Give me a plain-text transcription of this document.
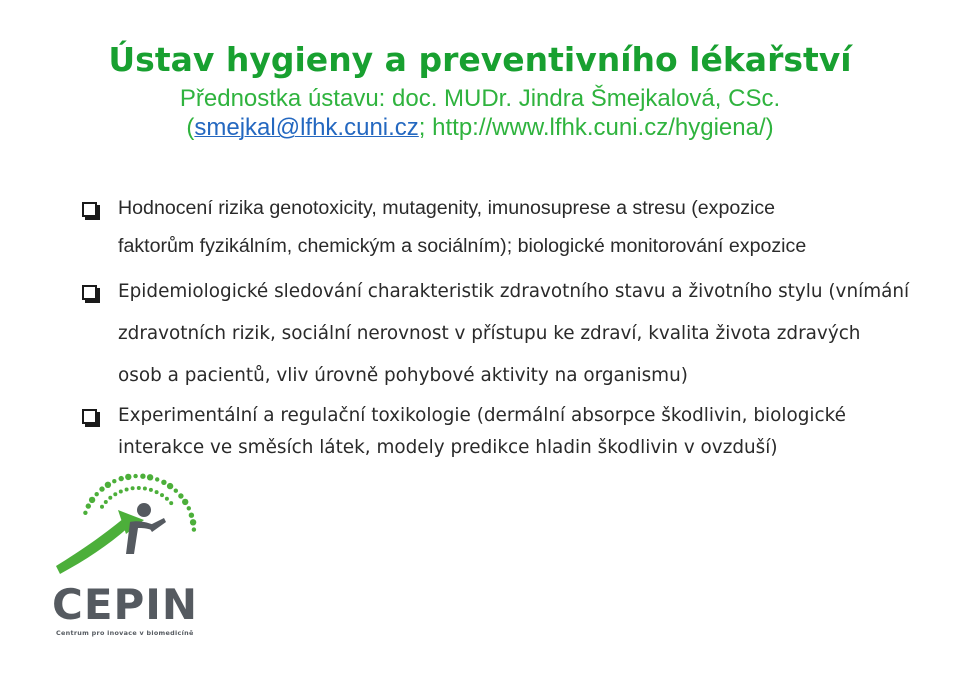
Ústav hygieny a preventivního lékařství
Přednostka ústavu: doc. MUDr. Jindra Šmejkalová, CSc.
(smejkal@lfhk.cuni.cz; http://www.lfhk.cuni.cz/hygiena/)
Hodnocení rizika genotoxicity, mutagenity, imunosuprese a stresu (expozice
faktorům fyzikálním, chemickým a sociálním); biologické monitorování expozice
Epidemiologické sledování charakteristik zdravotního stavu a životního stylu (vnímání
zdravotních rizik, sociální nerovnost v přístupu ke zdraví, kvalita života zdravých
osob a pacientů, vliv úrovně pohybové aktivity na organismu)
Experimentální a regulační toxikologie (dermální absorpce škodlivin, biologické
interakce ve směsích látek, modely predikce hladin škodlivin v ovzduší)
CEPIN
Centrum pro inovace v biomedicíně
